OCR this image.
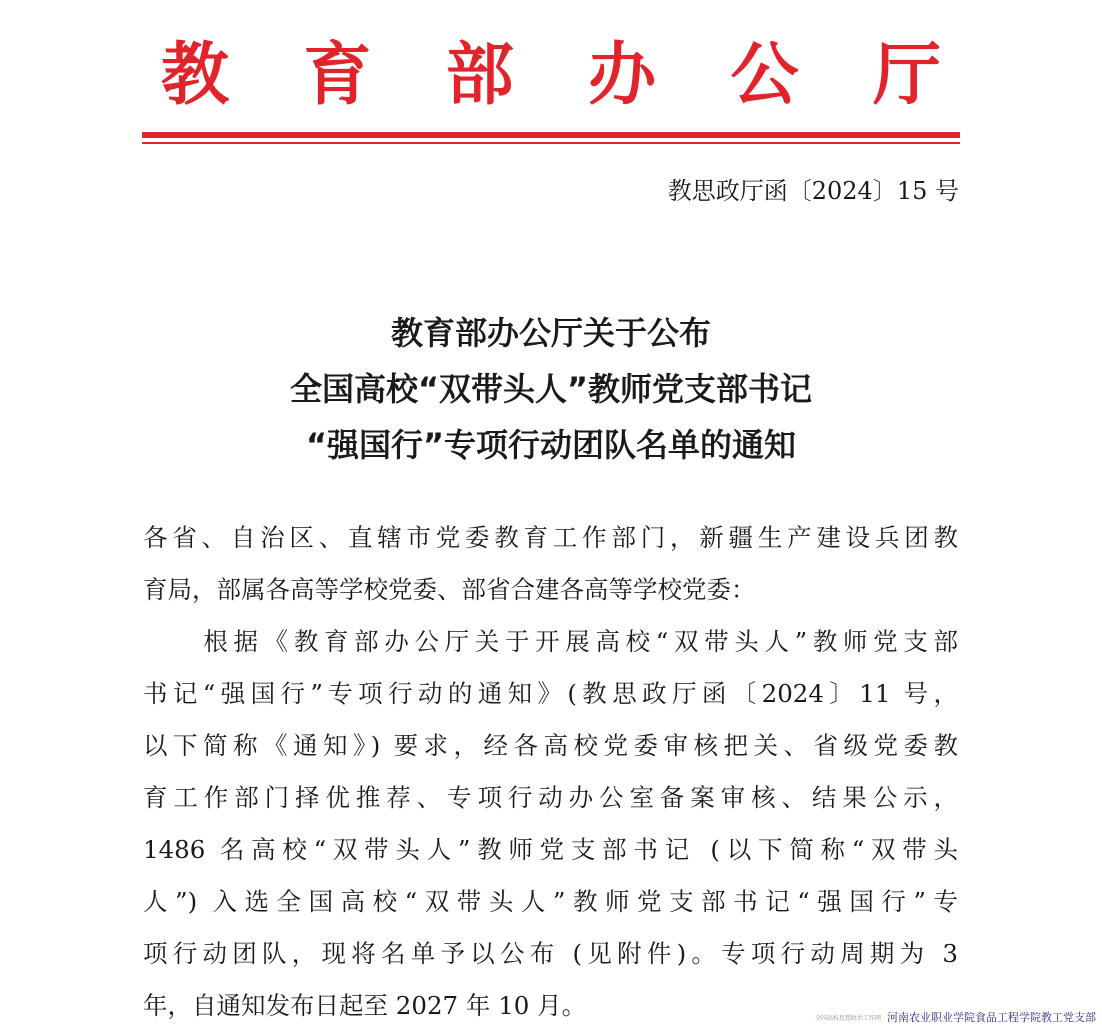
教	育	部	办	公	厅
教思政厅函〔2024〕15 号
教育部办公厅关于公布
全国高校“双带头人”教师党支部书记
“强国行”专项行动团队名单的通知
各省、自治区、直辖市党委教育工作部门，新疆生产建设兵团教
育局，部属各高等学校党委、部省合建各高等学校党委：
　　根据《教育部办公厅关于开展高校“双带头人”教师党支部
书记“强国行”专项行动的通知》(教思政厅函〔2024〕11 号，
以下简称《通知》) 要求，经各高校党委审核把关、省级党委教
育工作部门择优推荐、专项行动办公室备案审核、结果公示，
1486 名高校“双带头人”教师党支部书记 (以下简称“双带头
人”) 入选全国高校“双带头人”教师党支部书记“强国行”专
项行动团队，现将名单予以公布 (见附件)。专项行动周期为 3
年，自通知发布日起至 2027 年 10 月。	全国高校思想政治工作网 河南农业职业学院食品工程学院教工党支部
